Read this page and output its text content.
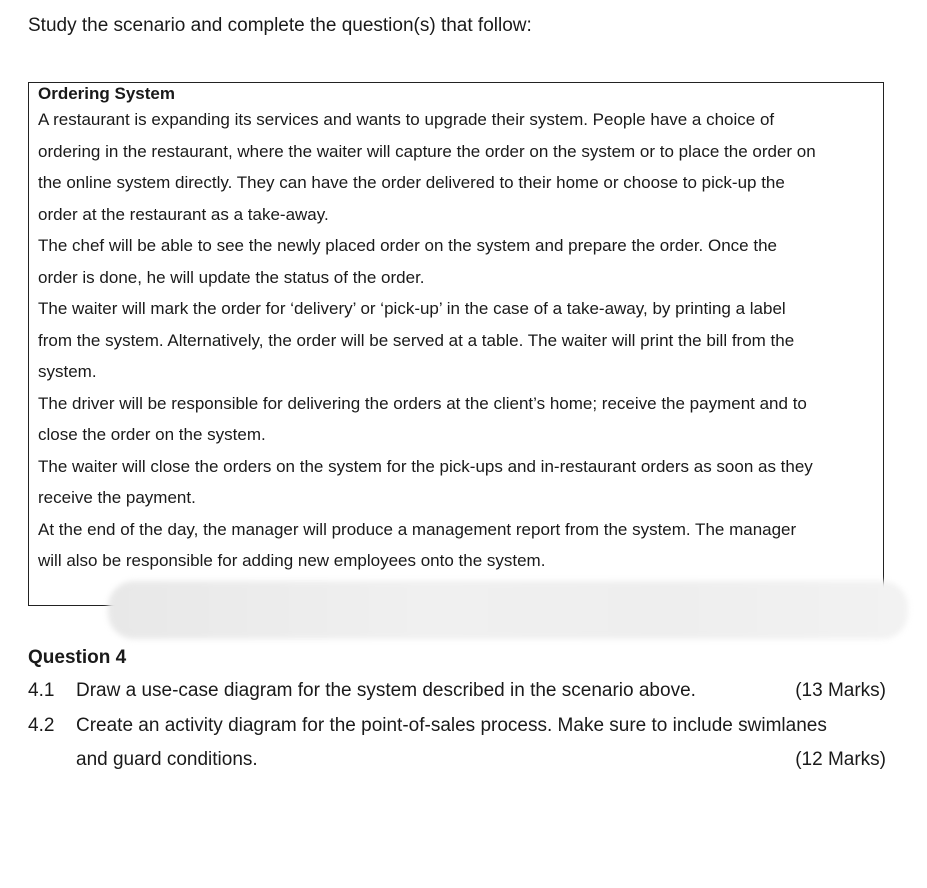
Study the scenario and complete the question(s) that follow:

Ordering System

A restaurant is expanding its services and wants to upgrade their system. People have a choice of

ordering in the restaurant, where the waiter will capture the order on the system or to place the order on

the online system directly. They can have the order delivered to their home or choose to pick-up the

order at the restaurant as a take-away.

The chef will be able to see the newly placed order on the system and prepare the order. Once the

order is done, he will update the status of the order.

The waiter will mark the order for ‘delivery’ or ‘pick-up’ in the case of a take-away, by printing a label

from the system. Alternatively, the order will be served at a table. The waiter will print the bill from the

system.

The driver will be responsible for delivering the orders at the client’s home; receive the payment and to

close the order on the system.

The waiter will close the orders on the system for the pick-ups and in-restaurant orders as soon as they

receive the payment.

At the end of the day, the manager will produce a management report from the system. The manager

will also be responsible for adding new employees onto the system.

Question 4

4.1 Draw a use-case diagram for the system described in the scenario above.	(13 Marks)
4.2 Create an activity diagram for the point-of-sales process. Make sure to include swimlanes
and guard conditions.	(12 Marks)
